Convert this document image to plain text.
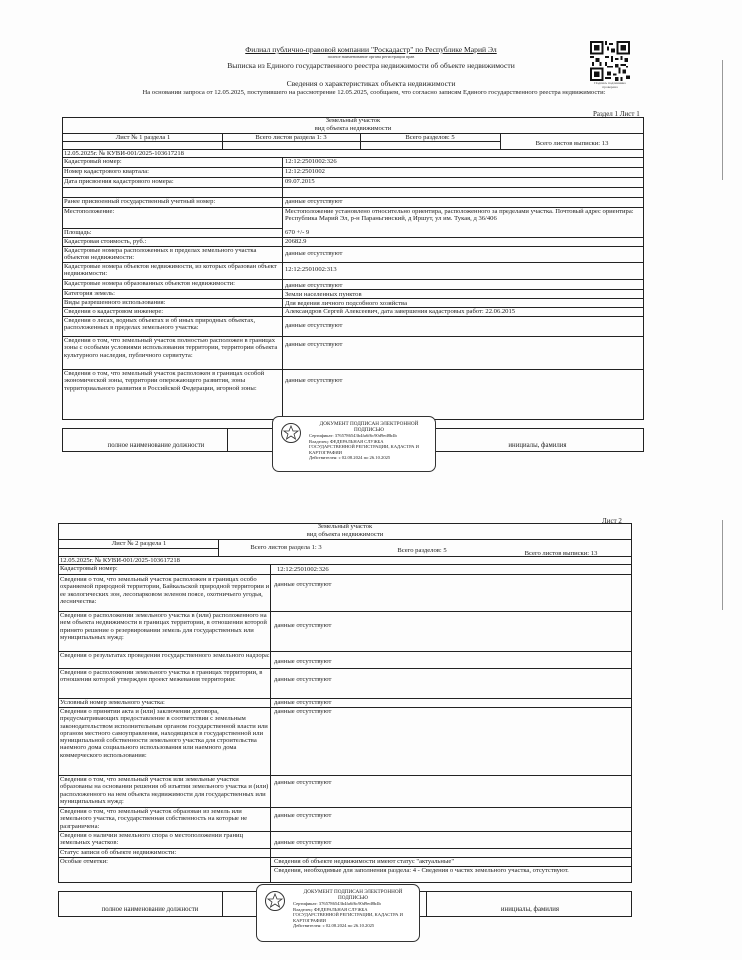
Филиал публично-правовой компании "Роскадастр" по Республике Марий Эл
полное наименование органа регистрации прав
Выписка из Единого государственного реестра недвижимости об объекте недвижимости
Сведения о характеристиках объекта недвижимости
На основании запроса от 12.05.2025, поступившего на рассмотрение 12.05.2025, сообщаем, что согласно записям Единого государственного реестра недвижимости:
Подпись подлинника проверена
Раздел 1 Лист 1
Земельный участок
вид объекта недвижимости
Лист № 1 раздела 1	Всего листов раздела 1: 3	Всего разделов: 5
Всего листов выписки: 13
12.05.2025г. № КУВИ-001/2025-103617218
Кадастровый номер:	12:12:2501002:326
Номер кадастрового квартала:	12:12:2501002
Дата присвоения кадастрового номера:	09.07.2015
Ранее присвоенный государственный учетный номер:	данные отсутствуют
Местоположение:	Местоположение установлено относительно ориентира, расположенного за пределами участка. Почтовый адрес ориентира: Республика Марий Эл, р-н Параньгинский, д Иршут, ул им. Тукая, д 36/406
Площадь:	670 +/- 9
Кадастровая стоимость, руб.:	20682.9
Кадастровые номера расположенных в пределах земельного участка объектов недвижимости:
данные отсутствуют
Кадастровые номера объектов недвижимости, из которых образован объект недвижимости:
12:12:2501002:313
Кадастровые номера образованных объектов недвижимости:	данные отсутствуют
Категория земель:	Земли населенных пунктов
Виды разрешенного использования:	Для ведения личного подсобного хозяйства
Сведения о кадастровом инженере:	Александров Сергей Алексеевич, дата завершения кадастровых работ: 22.06.2015
Сведения о лесах, водных объектах и об иных природных объектах, расположенных в пределах земельного участка:	данные отсутствуют
Сведения о том, что земельный участок полностью расположен в границах зоны с особыми условиями использования территории, территории объекта культурного наследия, публичного сервитута:
данные отсутствуют
Сведения о том, что земельный участок расположен в границах особой экономической зоны, территории опережающего развития, зоны территориального развития в Российской Федерации, игорной зоны:
данные отсутствуют
полное наименование должности	инициалы, фамилия
ДОКУМЕНТ ПОДПИСАН ЭЛЕКТРОННОЙ ПОДПИСЬЮ
Сертификат: 3765786543b4fa6f6c90d9ed8b4b
Владелец: ФЕДЕРАЛЬНАЯ СЛУЖБА ГОСУДАРСТВЕННОЙ РЕГИСТРАЦИИ, КАДАСТРА И КАРТОГРАФИИ
Действителен: с 02.08.2024 по 26.10.2025
Лист 2
Земельный участок
вид объекта недвижимости
Лист № 2 раздела 1
Всего листов раздела 1: 3	Всего разделов: 5	Всего листов выписки: 13
12.05.2025г. № КУВИ-001/2025-103617218
Кадастровый номер:	12:12:2501002:326
Сведения о том, что земельный участок расположен в границах особо охраняемой природной территории, Байкальской природной территории и ее экологических зон, лесопарковом зеленом поясе, охотничьего угодья, лесничества:
данные отсутствуют
Сведения о расположении земельного участка в (или) расположенного на нем объекта недвижимости в границах территории, в отношении которой принято решение о резервировании земель для государственных или муниципальных нужд:
данные отсутствуют
Сведения о результатах проведения государственного земельного надзора:
данные отсутствуют
Сведения о расположении земельного участка в границах территории, в отношении которой утвержден проект межевания территории:	данные отсутствуют
Условный номер земельного участка:	данные отсутствуют
Сведения о принятии акта и (или) заключении договора, предусматривающих предоставление в соответствии с земельным законодательством исполнительным органом государственной власти или органом местного самоуправления, находящихся в государственной или муниципальной собственности земельного участка для строительства наемного дома социального использования или наемного дома коммерческого использования:
данные отсутствуют
Сведения о том, что земельный участок или земельные участки образованы на основании решения об изъятии земельного участка и (или) расположенного на нем объекта недвижимости для государственных или муниципальных нужд:
данные отсутствуют
Сведения о том, что земельный участок образован из земель или земельного участка, государственная собственность на которые не разграничена:
данные отсутствуют
Сведения о наличии земельного спора о местоположении границ земельных участков:	данные отсутствуют
Статус записи об объекте недвижимости:
Сведения об объекте недвижимости имеют статус "актуальные"
Особые отметки:
Сведения, необходимые для заполнения раздела: 4 - Сведения о частях земельного участка, отсутствуют.
полное наименование должности	инициалы, фамилия
ДОКУМЕНТ ПОДПИСАН ЭЛЕКТРОННОЙ ПОДПИСЬЮ
Сертификат: 3765786543b4fa6f6c90d9ed8b4b
Владелец: ФЕДЕРАЛЬНАЯ СЛУЖБА ГОСУДАРСТВЕННОЙ РЕГИСТРАЦИИ, КАДАСТРА И КАРТОГРАФИИ
Действителен: с 02.08.2024 по 26.10.2025
